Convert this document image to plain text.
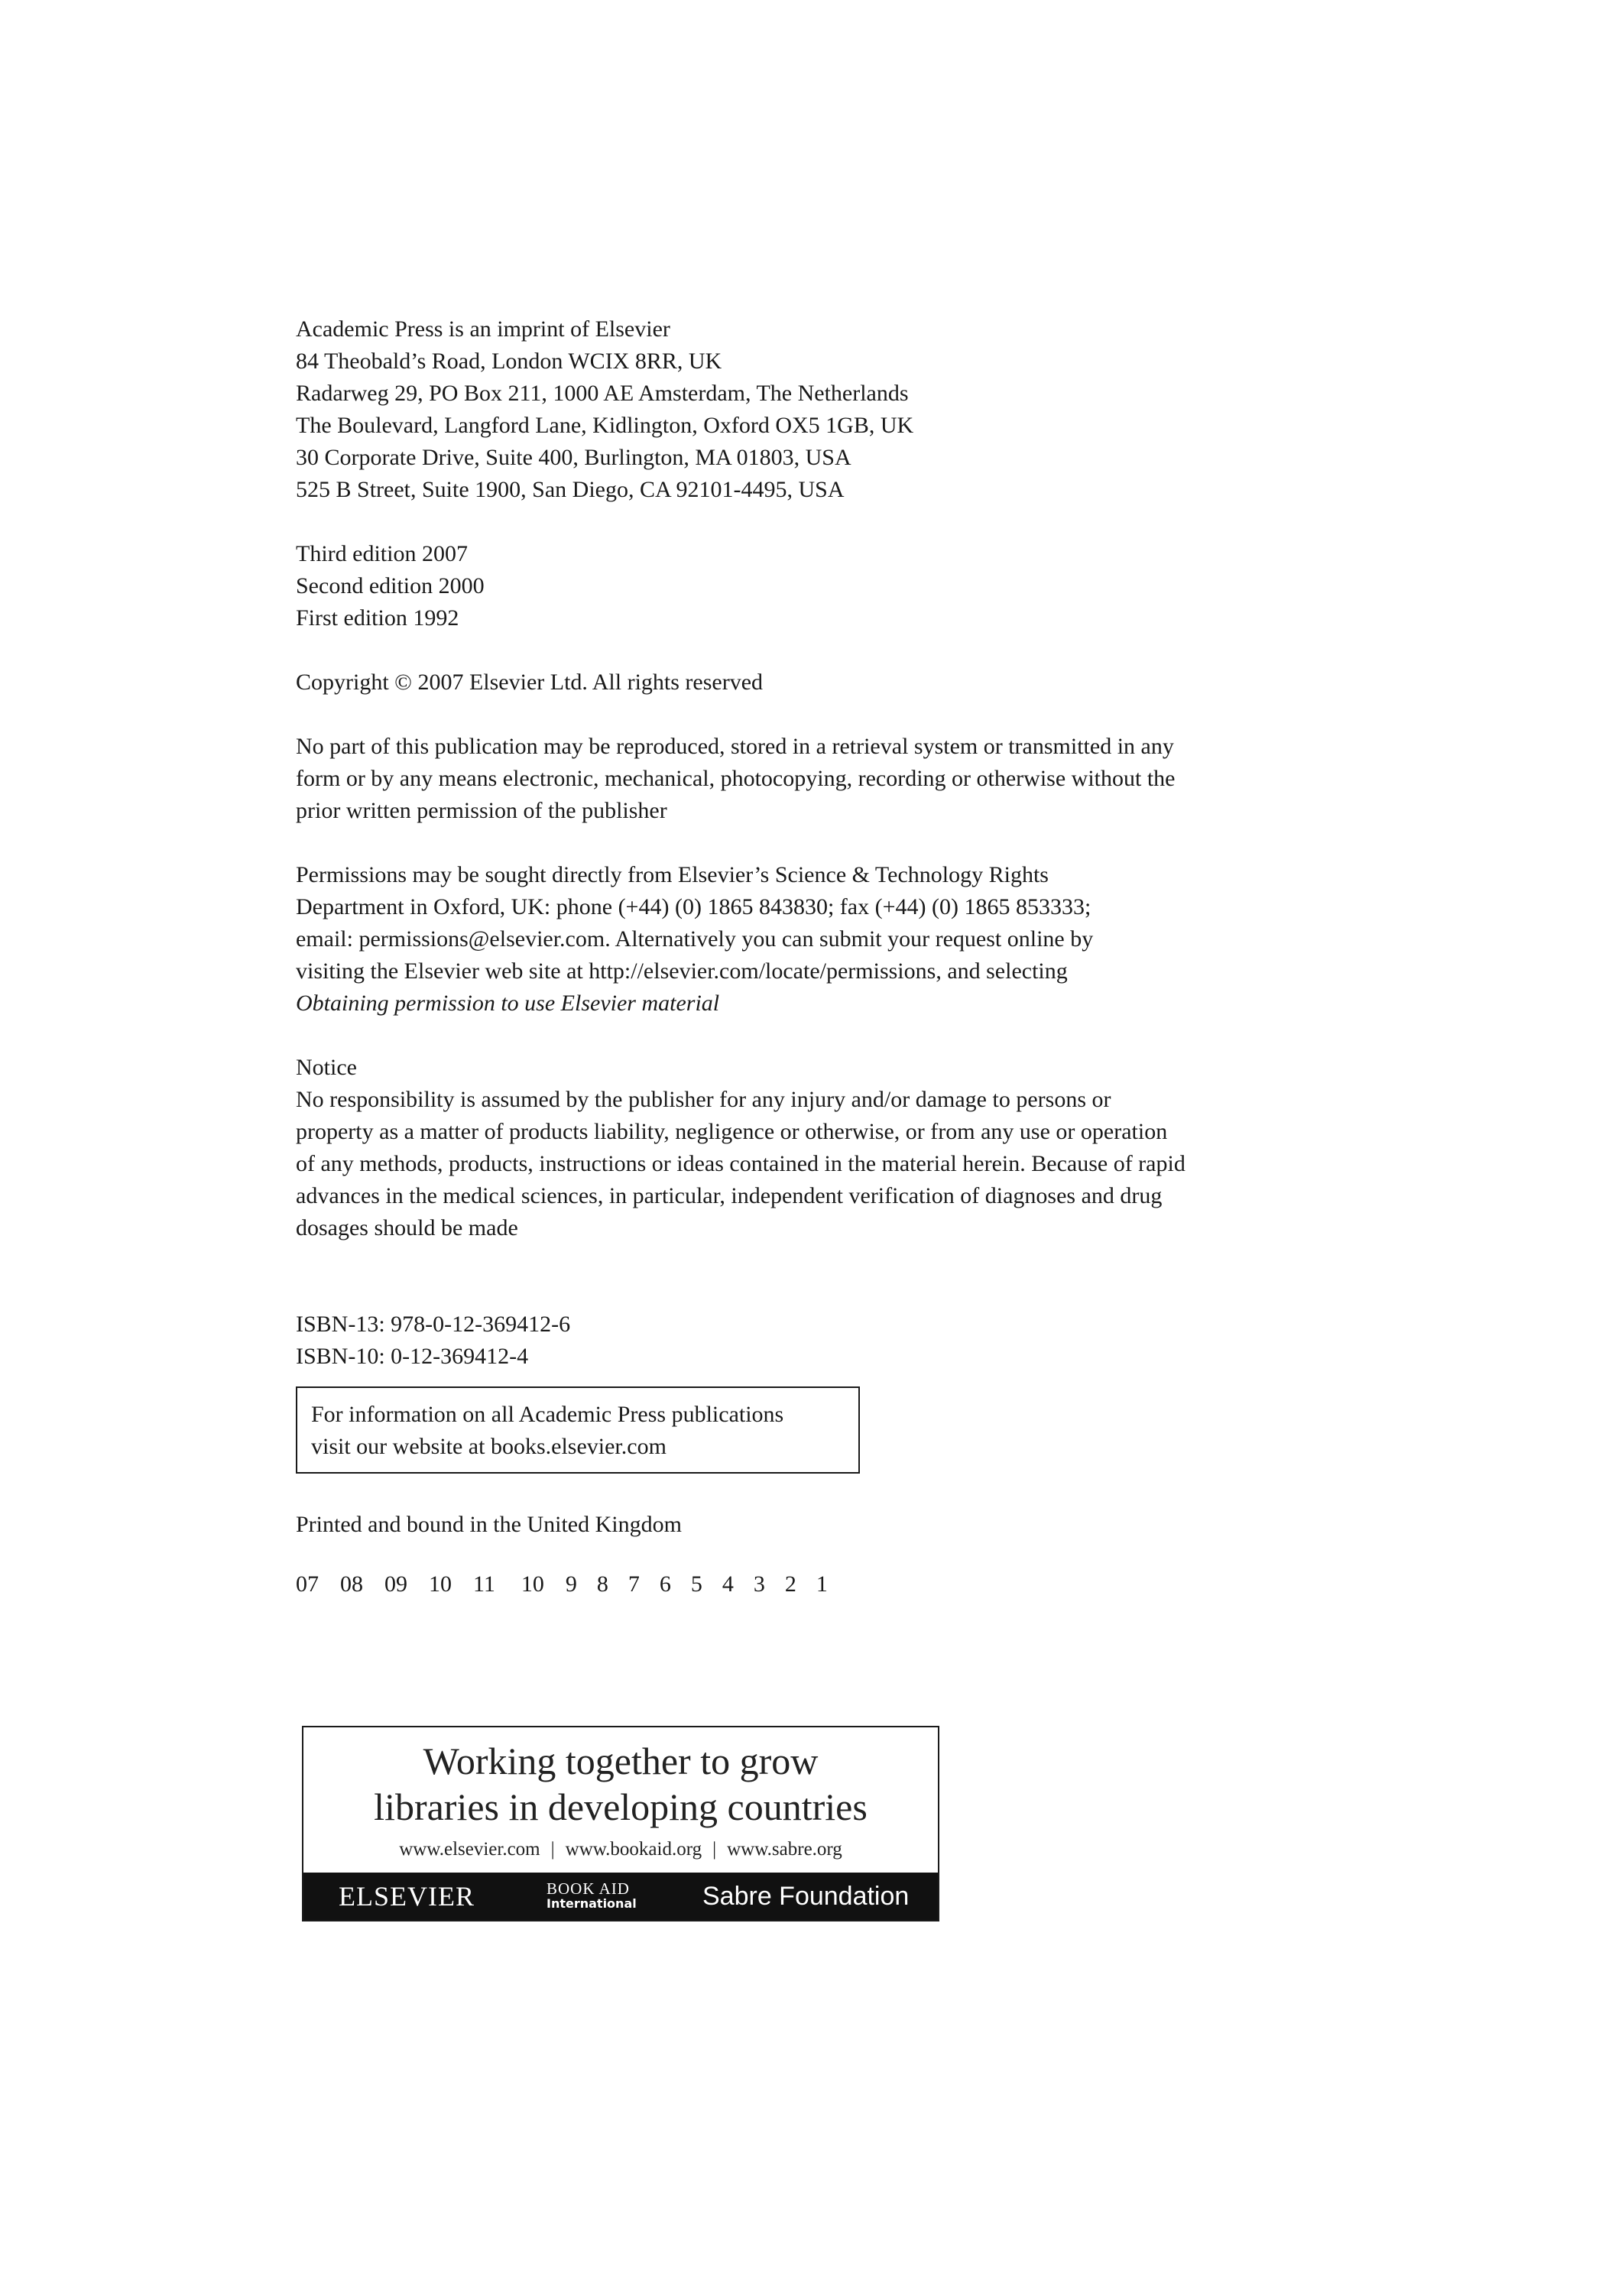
Academic Press is an imprint of Elsevier
84 Theobald’s Road, London WCIX 8RR, UK
Radarweg 29, PO Box 211, 1000 AE Amsterdam, The Netherlands
The Boulevard, Langford Lane, Kidlington, Oxford OX5 1GB, UK
30 Corporate Drive, Suite 400, Burlington, MA 01803, USA
525 B Street, Suite 1900, San Diego, CA 92101-4495, USA
Third edition 2007
Second edition 2000
First edition 1992
Copyright © 2007 Elsevier Ltd. All rights reserved
No part of this publication may be reproduced, stored in a retrieval system or transmitted in any
form or by any means electronic, mechanical, photocopying, recording or otherwise without the
prior written permission of the publisher
Permissions may be sought directly from Elsevier’s Science & Technology Rights
Department in Oxford, UK: phone (+44) (0) 1865 843830; fax (+44) (0) 1865 853333;
email: permissions@elsevier.com. Alternatively you can submit your request online by
visiting the Elsevier web site at http://elsevier.com/locate/permissions, and selecting
Obtaining permission to use Elsevier material
Notice
No responsibility is assumed by the publisher for any injury and/or damage to persons or
property as a matter of products liability, negligence or otherwise, or from any use or operation
of any methods, products, instructions or ideas contained in the material herein. Because of rapid
advances in the medical sciences, in particular, independent verification of diagnoses and drug
dosages should be made
ISBN-13: 978-0-12-369412-6
ISBN-10: 0-12-369412-4
For information on all Academic Press publications
visit our website at books.elsevier.com
Printed and bound in the United Kingdom
07 08 09 10 11 10 9 8 7 6 5 4 3 2 1
Working together to grow
libraries in developing countries
www.elsevier.com | www.bookaid.org | www.sabre.org
ELSEVIER	BOOK AID
International	Sabre Foundation
